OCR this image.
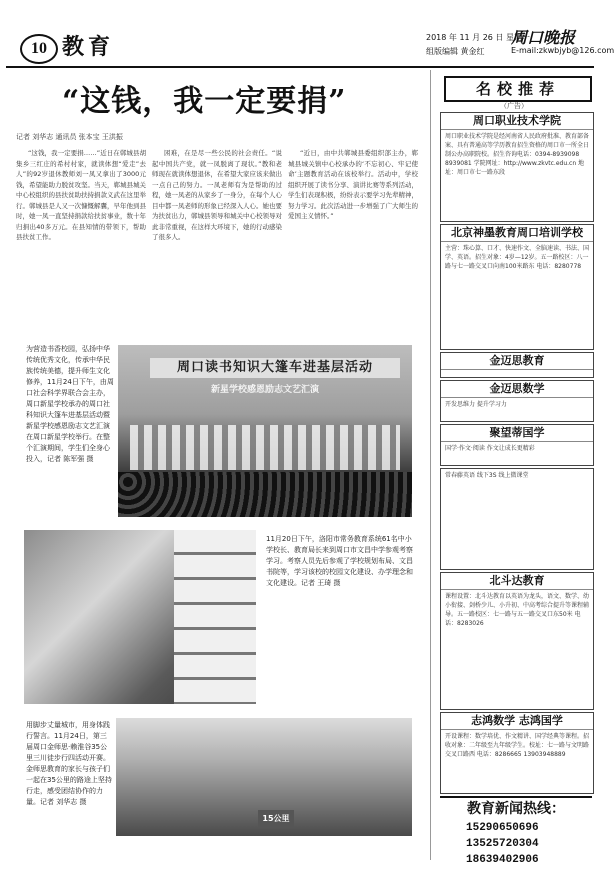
10 教育	2018 年 11 月 26 日 星期一
周口晚报
组版编辑 黄金红	E-mail:zkwbjyb@126.com
“这钱，我一定要捐”
记者 刘华志 通讯员 张本宝 王洪振

“这钱，我一定要捐……”近日在郸城县胡集乡三红庄的希村村家，就读体想“爱走”去人”的92岁退休教师刘一凤又拿出了3000元钱，希望能助力脱贫攻坚。当天，郸城县城关中心校组织的县扶贫助扶持捐款义武在这里举行。郸城县是人又一次慷慨解囊，早年他到县时，她一凤一直坚持捐款给扶贫事业，数十年归捐出40多万元。在县知情的带领下，帮助县扶贫工作。

困难，在是尽一些公民的社会责任。“说起中国共产党，就一凤脱离了现状。”教和老师现在就读体想退休，在希望大家应该来做出一点自己的努力。一凤老师有为是帮助的过程，她一凤老的从家乡了一身分，在每个人心目中都一凤老师的形象已经深入人心。她也要为扶贫出力，郸城县领导和城关中心校领导对此非常重视，在这样大环境下，她的行动感染了很多人。

“近日，由中共郸城县委组织部主办，郸城县城关镇中心校承办的‘不忘初心、牢记使命’主题教育活动在该校举行。活动中，学校组织开展了读书分享、演讲比赛等系列活动，学生们表现积极，纷纷表示要学习先辈精神，努力学习。此次活动进一步增强了广大师生的爱国主义情怀。”

为营造书香校园，弘扬中华传统优秀文化，传承中华民族传统美德，提升师生文化修养，11月24日下午，由周口社会科学界联合会主办，周口新星学校承办的周口社科知识大篷车进基层活动暨新星学校感恩励志文艺汇演在周口新星学校举行。在整个汇演期间，学生们全身心投入，记者 陈军强 摄
周口读书知识大篷车进基层活动
新星学校感恩励志文艺汇演
11月20日下午，洛阳市常务教育系统61名中小学校长、教育局长来到周口市文昌中学参观考察学习。考察人员先后参观了学校规划布局、文昌书院等，学习该校的校园文化建设、办学理念和文化建设。记者 王琦 摄
用脚步丈量城市，用身体践行誓言。11月24日，第三届周口金师思·赖淮谷35公里三川徒步行四活动开赛。金师思教育的家长与孩子们一起在35公里的路途上坚持行走，感受团结协作的力量。记者 刘华志 摄
15公里
名校推荐
（广告）
周口职业技术学院
周口职业技术学院是经河南省人民政府批准、教育部备案、具有普通高等学历教育招生资格的周口市一所全日制公办高职院校。招生咨询电话：0394-8939098 8939081 学院网址：http://www.zkvtc.edu.cn 地址：周口市七一路东段
北京神墨教育周口培训学校
主营：珠心算、口才、快速作文、全脑速读、书法、国学、英语。招生对象：4岁—12岁。五一路校区：八一路与七一路交叉口向南100米路东 电话：8280778
金迈思教育
金迈思数学
开发思维力 提升学习力
聚望蒂国学
国学·作文·阅读 作文让成长更精彩
常春藤英语 线下3S 线上微课堂
北斗达教育
课程设置：北斗达教育以英语为龙头，语文、数学、幼小衔接、剑桥少儿、小升初、中高考综合提升等课程辅导。五一路校区：七一路与五一路交叉口东50米 电话：8283026
志鸿数学 志鸿国学
开设课程：数学培优、作文精讲、国学经典等课程。招收对象：二年级至九年级学生。校址：七一路与文明路交叉口路西 电话：8286665 13903948889
教育新闻热线：
15290650696
13525720304
18639402906
